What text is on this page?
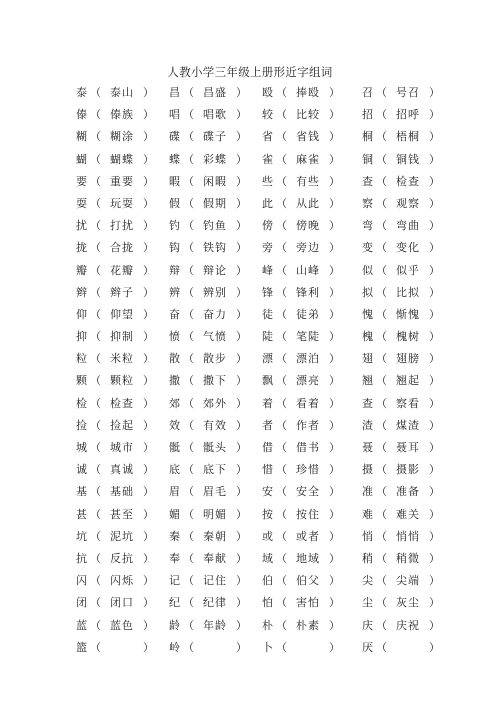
人教小学三年级上册形近字组词
泰 （ 泰山 ） 昌 （ 昌盛 ） 殴 （ 捧殴 ） 召 （ 号召 ）
傣 （ 傣族 ） 唱 （ 唱歌 ） 较 （ 比较 ） 招 （ 招呼 ）
糊 （ 糊涂 ） 碟 （ 碟子 ） 省 （ 省钱 ） 桐 （ 梧桐 ）
蝴 （ 蝴蝶 ） 蝶 （ 彩蝶 ） 雀 （ 麻雀 ） 铜 （ 铜钱 ）
要 （ 重要 ） 暇 （ 闲暇 ） 些 （ 有些 ） 查 （ 检查 ）
耍 （ 玩耍 ） 假 （ 假期 ） 此 （ 从此 ） 察 （ 观察 ）
扰 （ 打扰 ） 钓 （ 钓鱼 ） 傍 （ 傍晚 ） 弯 （ 弯曲 ）
拢 （ 合拢 ） 钩 （ 铁钩 ） 旁 （ 旁边 ） 变 （ 变化 ）
瓣 （ 花瓣 ） 辩 （ 辩论 ） 峰 （ 山峰 ） 似 （ 似乎 ）
辫 （ 辫子 ） 辨 （ 辨别 ） 锋 （ 锋利 ） 拟 （ 比拟 ）
仰 （ 仰望 ） 奋 （ 奋力 ） 徒 （ 徒弟 ） 愧 （ 惭愧 ）
抑 （ 抑制 ） 愤 （ 气愤 ） 陡 （ 笔陡 ） 槐 （ 槐树 ）
粒 （ 米粒 ） 散 （ 散步 ） 漂 （ 漂泊 ） 翅 （ 翅膀 ）
颗 （ 颗粒 ） 撒 （ 撒下 ） 飘 （ 漂亮 ） 翘 （ 翘起 ）
检 （ 检查 ） 郊 （ 郊外 ） 着 （ 看着 ） 查 （ 察看 ）
捡 （ 捡起 ） 效 （ 有效 ） 者 （ 作者 ） 渣 （ 煤渣 ）
城 （ 城市 ） 骶 （ 骶头 ） 借 （ 借书 ） 聂 （ 聂耳 ）
诚 （ 真诚 ） 底 （ 底下 ） 惜 （ 珍惜 ） 摄 （ 摄影 ）
基 （ 基础 ） 眉 （ 眉毛 ） 安 （ 安全 ） 准 （ 准备 ）
甚 （ 甚至 ） 媚 （ 明媚 ） 按 （ 按住 ） 难 （ 难关 ）
坑 （ 泥坑 ） 秦 （ 秦朝 ） 或 （ 或者 ） 悄 （ 悄悄 ）
抗 （ 反抗 ） 奉 （ 奉献 ） 域 （ 地域 ） 稍 （ 稍微 ）
闪 （ 闪烁 ） 记 （ 记住 ） 伯 （ 伯父 ） 尖 （ 尖端 ）
闭 （ 闭口 ） 纪 （ 纪律 ） 怕 （ 害怕 ） 尘 （ 灰尘 ）
蓝 （ 蓝色 ） 龄 （ 年龄 ） 朴 （ 朴素 ） 庆 （ 庆祝 ）
篮 （	） 岭 （	） 卜 （	） 厌 （	）
